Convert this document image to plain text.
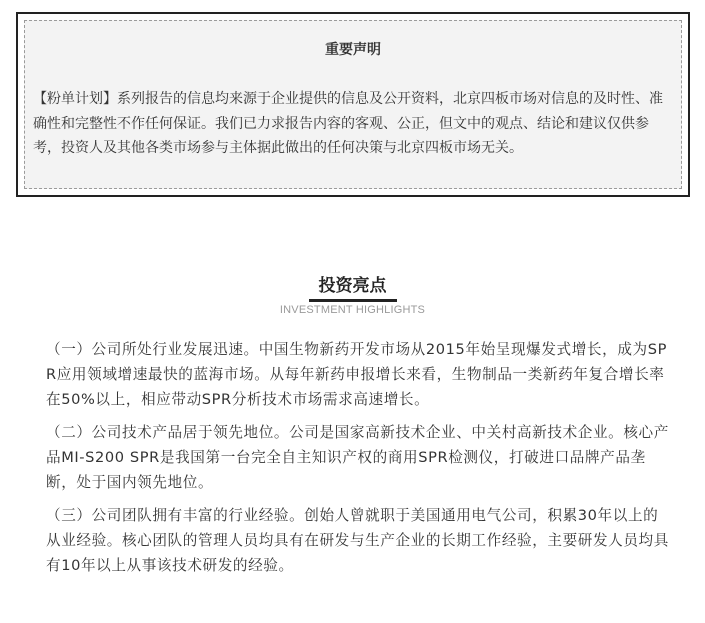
重要声明
【粉单计划】系列报告的信息均来源于企业提供的信息及公开资料，北京四板市场对信息的及时性、准确性和完整性不作任何保证。我们已力求报告内容的客观、公正，但文中的观点、结论和建议仅供参考，投资人及其他各类市场参与主体据此做出的任何决策与北京四板市场无关。
投资亮点
INVESTMENT HIGHLIGHTS

（一）公司所处行业发展迅速。中国生物新药开发市场从2015年始呈现爆发式增长，成为SPR应用领域增速最快的蓝海市场。从每年新药申报增长来看，生物制品一类新药年复合增长率在50%以上，相应带动SPR分析技术市场需求高速增长。

（二）公司技术产品居于领先地位。公司是国家高新技术企业、中关村高新技术企业。核心产品MI-S200 SPR是我国第一台完全自主知识产权的商用SPR检测仪，打破进口品牌产品垄断，处于国内领先地位。

（三）公司团队拥有丰富的行业经验。创始人曾就职于美国通用电气公司，积累30年以上的从业经验。核心团队的管理人员均具有在研发与生产企业的长期工作经验，主要研发人员均具有10年以上从事该技术研发的经验。
